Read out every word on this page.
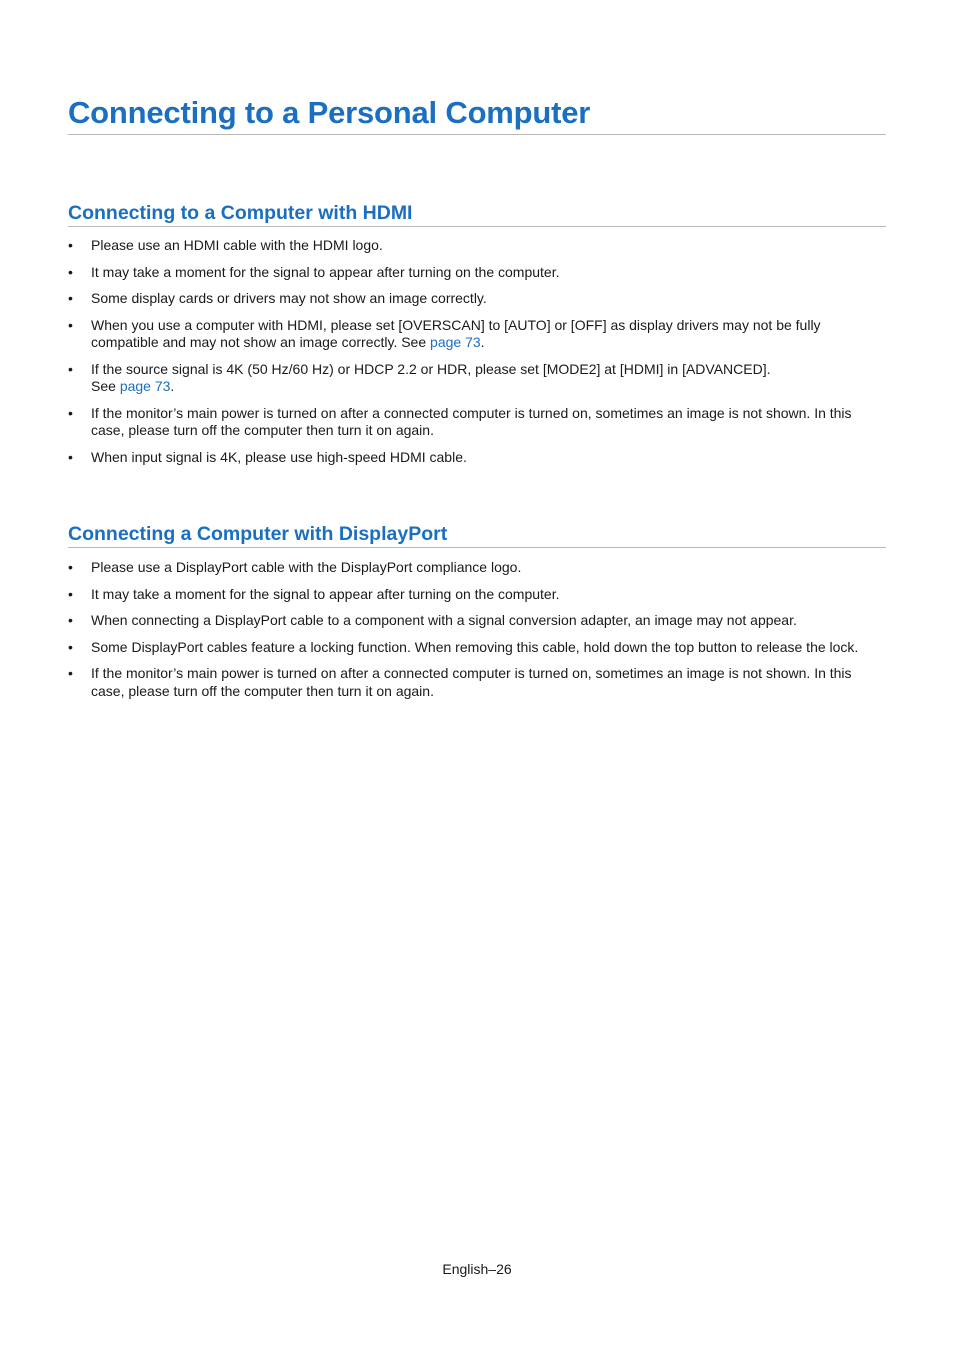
Connecting to a Personal Computer
Connecting to a Computer with HDMI
• Please use an HDMI cable with the HDMI logo.
• It may take a moment for the signal to appear after turning on the computer.
• Some display cards or drivers may not show an image correctly.
• When you use a computer with HDMI, please set [OVERSCAN] to [AUTO] or [OFF] as display drivers may not be fully compatible and may not show an image correctly. See page 73.
• If the source signal is 4K (50 Hz/60 Hz) or HDCP 2.2 or HDR, please set [MODE2] at [HDMI] in [ADVANCED].
See page 73.
• If the monitor’s main power is turned on after a connected computer is turned on, sometimes an image is not shown. In this case, please turn off the computer then turn it on again.
• When input signal is 4K, please use high-speed HDMI cable.
Connecting a Computer with DisplayPort
• Please use a DisplayPort cable with the DisplayPort compliance logo.
• It may take a moment for the signal to appear after turning on the computer.
• When connecting a DisplayPort cable to a component with a signal conversion adapter, an image may not appear.
• Some DisplayPort cables feature a locking function. When removing this cable, hold down the top button to release the lock.
• If the monitor’s main power is turned on after a connected computer is turned on, sometimes an image is not shown. In this case, please turn off the computer then turn it on again.
English–26
